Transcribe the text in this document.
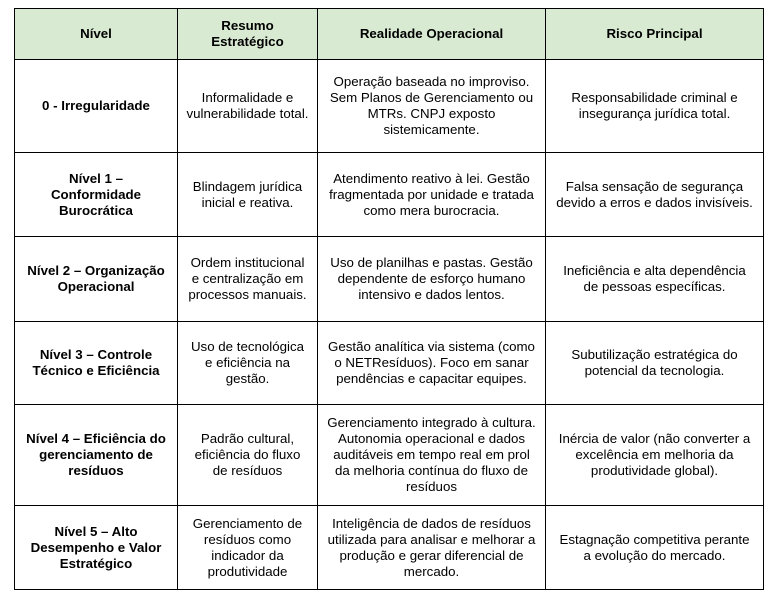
Nível	Resumo Estratégico	Realidade Operacional	Risco Principal
0 - Irregularidade	Informalidade e vulnerabilidade total.	Operação baseada no improviso. Sem Planos de Gerenciamento ou MTRs. CNPJ exposto sistemicamente.	Responsabilidade criminal e insegurança jurídica total.
Nível 1 – Conformidade Burocrática	Blindagem jurídica inicial e reativa.	Atendimento reativo à lei. Gestão fragmentada por unidade e tratada como mera burocracia.	Falsa sensação de segurança devido a erros e dados invisíveis.
Nível 2 – Organização Operacional	Ordem institucional e centralização em processos manuais.	Uso de planilhas e pastas. Gestão dependente de esforço humano intensivo e dados lentos.	Ineficiência e alta dependência de pessoas específicas.
Nível 3 – Controle Técnico e Eficiência	Uso de tecnológica e eficiência na gestão.	Gestão analítica via sistema (como o NETResíduos). Foco em sanar pendências e capacitar equipes.	Subutilização estratégica do potencial da tecnologia.
Nível 4 – Eficiência do gerenciamento de resíduos	Padrão cultural, eficiência do fluxo de resíduos	Gerenciamento integrado à cultura. Autonomia operacional e dados auditáveis em tempo real em prol da melhoria contínua do fluxo de resíduos	Inércia de valor (não converter a excelência em melhoria da produtividade global).
Nível 5 – Alto Desempenho e Valor Estratégico	Gerenciamento de resíduos como indicador da produtividade	Inteligência de dados de resíduos utilizada para analisar e melhorar a produção e gerar diferencial de mercado.	Estagnação competitiva perante a evolução do mercado.
